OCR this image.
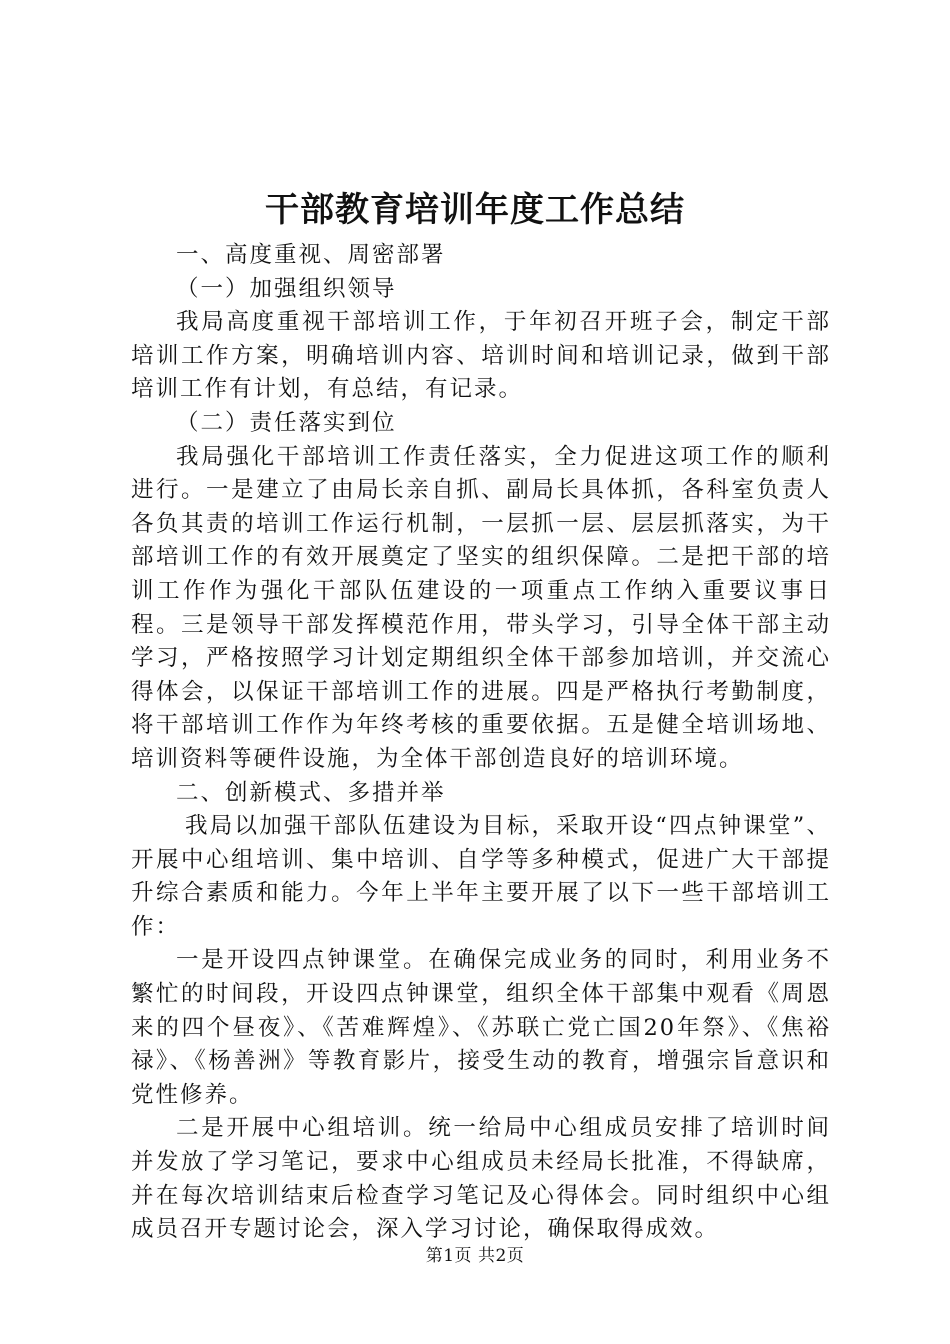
干部教育培训年度工作总结

一、高度重视、周密部署

（一）加强组织领导

我局高度重视干部培训工作，于年初召开班子会，制定干部培训工作方案，明确培训内容、培训时间和培训记录，做到干部培训工作有计划，有总结，有记录。

（二）责任落实到位

我局强化干部培训工作责任落实，全力促进这项工作的顺利进行。一是建立了由局长亲自抓、副局长具体抓，各科室负责人各负其责的培训工作运行机制，一层抓一层、层层抓落实，为干部培训工作的有效开展奠定了坚实的组织保障。二是把干部的培训工作作为强化干部队伍建设的一项重点工作纳入重要议事日程。三是领导干部发挥模范作用，带头学习，引导全体干部主动学习，严格按照学习计划定期组织全体干部参加培训，并交流心得体会，以保证干部培训工作的进展。四是严格执行考勤制度，将干部培训工作作为年终考核的重要依据。五是健全培训场地、培训资料等硬件设施，为全体干部创造良好的培训环境。

二、创新模式、多措并举

我局以加强干部队伍建设为目标，采取开设“四点钟课堂”、开展中心组培训、集中培训、自学等多种模式，促进广大干部提升综合素质和能力。今年上半年主要开展了以下一些干部培训工作：

一是开设四点钟课堂。在确保完成业务的同时，利用业务不繁忙的时间段，开设四点钟课堂，组织全体干部集中观看《周恩来的四个昼夜》、《苦难辉煌》、《苏联亡党亡国20年祭》、《焦裕禄》、《杨善洲》等教育影片，接受生动的教育，增强宗旨意识和党性修养。

二是开展中心组培训。统一给局中心组成员安排了培训时间并发放了学习笔记，要求中心组成员未经局长批准，不得缺席，并在每次培训结束后检查学习笔记及心得体会。同时组织中心组成员召开专题讨论会，深入学习讨论，确保取得成效。

第1页 共2页
